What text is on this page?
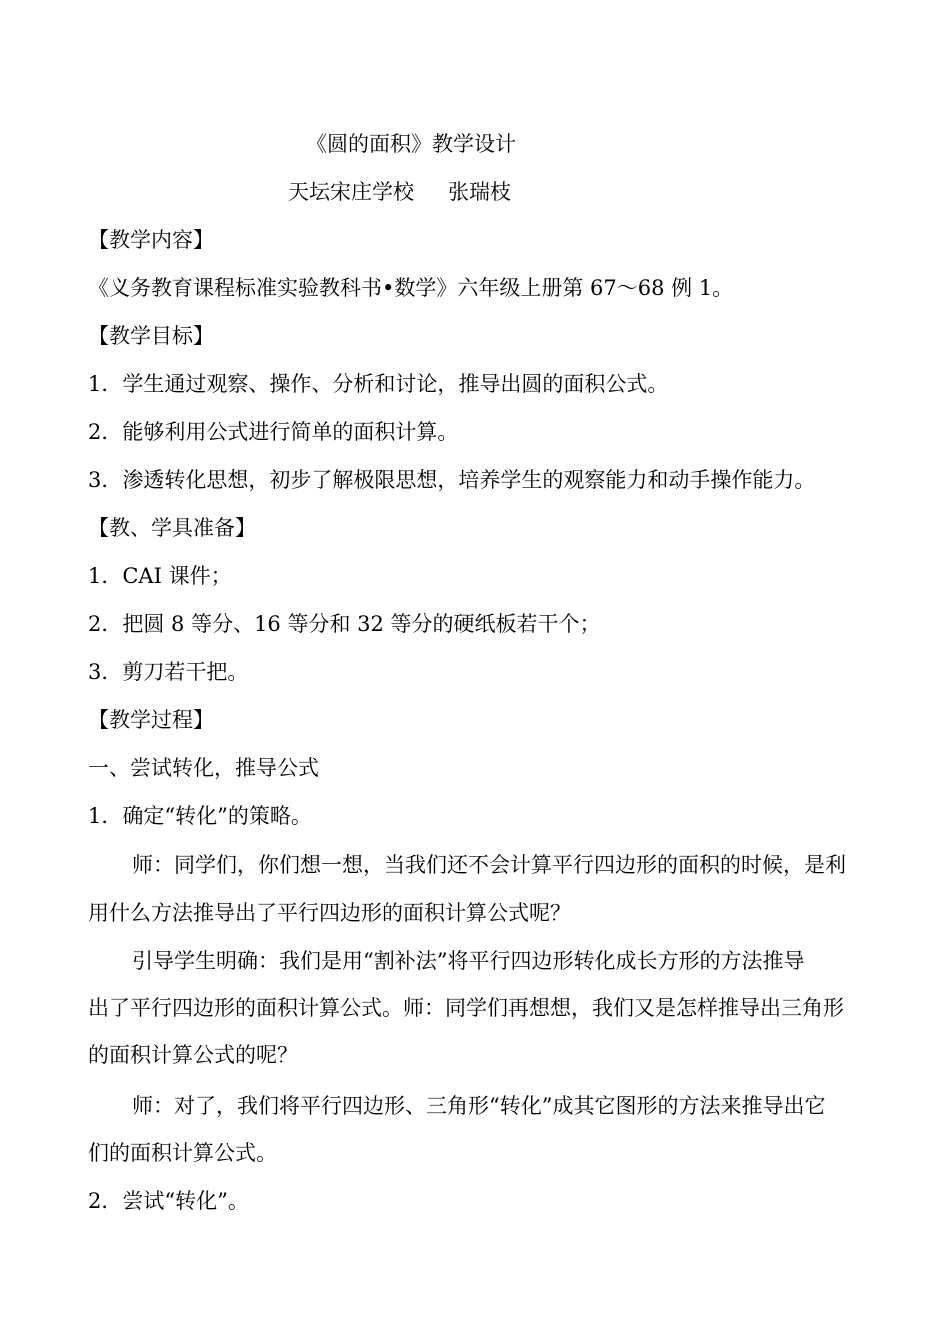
《圆的面积》教学设计
天坛宋庄学校 张瑞枝
【教学内容】
《义务教育课程标准实验教科书•数学》六年级上册第 67～68 例 1。
【教学目标】
1．学生通过观察、操作、分析和讨论，推导出圆的面积公式。
2．能够利用公式进行简单的面积计算。
3．渗透转化思想，初步了解极限思想，培养学生的观察能力和动手操作能力。
【教、学具准备】
1．CAI 课件；
2．把圆 8 等分、16 等分和 32 等分的硬纸板若干个；
3．剪刀若干把。
【教学过程】
一、尝试转化，推导公式
1．确定“转化”的策略。
师：同学们，你们想一想，当我们还不会计算平行四边形的面积的时候，是利
用什么方法推导出了平行四边形的面积计算公式呢？
引导学生明确：我们是用“割补法”将平行四边形转化成长方形的方法推导
出了平行四边形的面积计算公式。师：同学们再想想，我们又是怎样推导出三角形
的面积计算公式的呢？
师：对了，我们将平行四边形、三角形“转化”成其它图形的方法来推导出它
们的面积计算公式。
2．尝试“转化”。
